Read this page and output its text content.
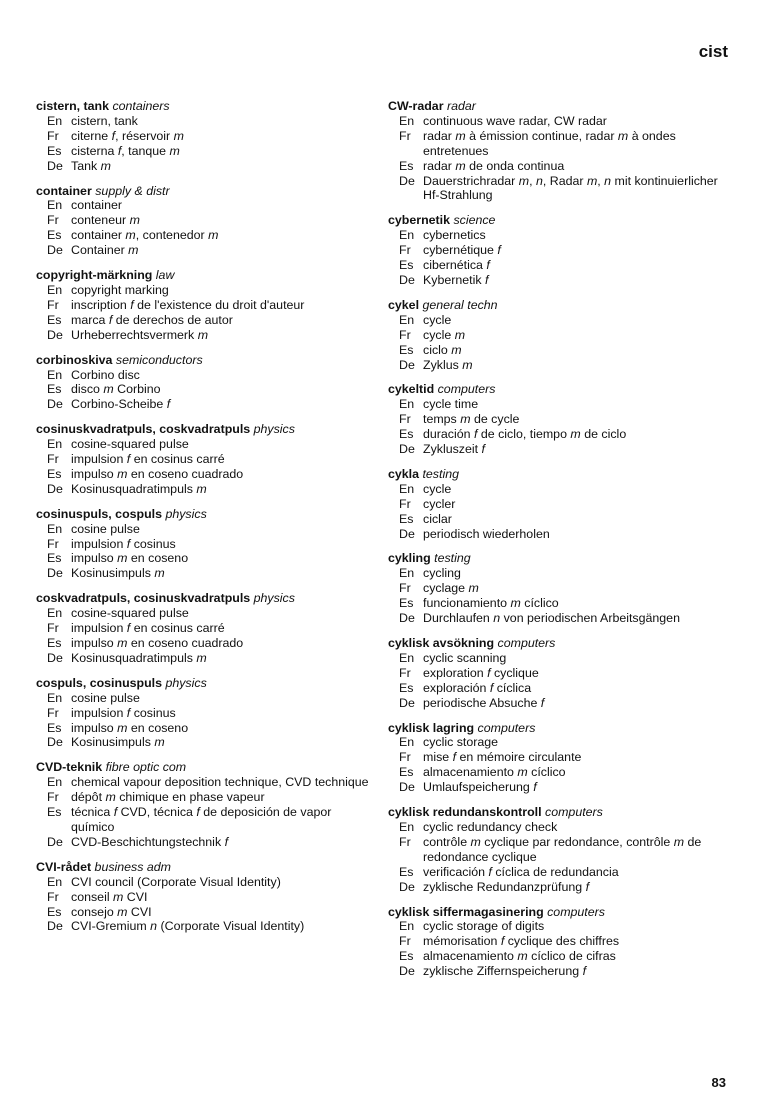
cist
cistern, tank containers
En cistern, tank
Fr citerne f, réservoir m
Es cisterna f, tanque m
De Tank m
container supply & distr
En container
Fr conteneur m
Es container m, contenedor m
De Container m
copyright-märkning law
En copyright marking
Fr inscription f de l'existence du droit d'auteur
Es marca f de derechos de autor
De Urheberrechtsvermerk m
corbinoskiva semiconductors
En Corbino disc
Es disco m Corbino
De Corbino-Scheibe f
cosinuskvadratpuls, coskvadratpuls physics
En cosine-squared pulse
Fr impulsion f en cosinus carré
Es impulso m en coseno cuadrado
De Kosinusquadratimpuls m
cosinuspuls, cospuls physics
En cosine pulse
Fr impulsion f cosinus
Es impulso m en coseno
De Kosinusimpuls m
coskvadratpuls, cosinuskvadratpuls physics
En cosine-squared pulse
Fr impulsion f en cosinus carré
Es impulso m en coseno cuadrado
De Kosinusquadratimpuls m
cospuls, cosinuspuls physics
En cosine pulse
Fr impulsion f cosinus
Es impulso m en coseno
De Kosinusimpuls m
CVD-teknik fibre optic com
En chemical vapour deposition technique, CVD technique
Fr dépôt m chimique en phase vapeur
Es técnica f CVD, técnica f de deposición de vapor químico
De CVD-Beschichtungstechnik f
CVI-rådet business adm
En CVI council (Corporate Visual Identity)
Fr conseil m CVI
Es consejo m CVI
De CVI-Gremium n (Corporate Visual Identity)
CW-radar radar
En continuous wave radar, CW radar
Fr radar m à émission continue, radar m à ondes entretenues
Es radar m de onda continua
De Dauerstrichradar m, n, Radar m, n mit kontinuierlicher Hf-Strahlung
cybernetik science
En cybernetics
Fr cybernétique f
Es cibernética f
De Kybernetik f
cykel general techn
En cycle
Fr cycle m
Es ciclo m
De Zyklus m
cykeltid computers
En cycle time
Fr temps m de cycle
Es duración f de ciclo, tiempo m de ciclo
De Zykluszeit f
cykla testing
En cycle
Fr cycler
Es ciclar
De periodisch wiederholen
cykling testing
En cycling
Fr cyclage m
Es funcionamiento m cíclico
De Durchlaufen n von periodischen Arbeitsgängen
cyklisk avsökning computers
En cyclic scanning
Fr exploration f cyclique
Es exploración f cíclica
De periodische Absuche f
cyklisk lagring computers
En cyclic storage
Fr mise f en mémoire circulante
Es almacenamiento m cíclico
De Umlaufspeicherung f
cyklisk redundanskontroll computers
En cyclic redundancy check
Fr contrôle m cyclique par redondance, contrôle m de redondance cyclique
Es verificación f cíclica de redundancia
De zyklische Redundanzprüfung f
cyklisk siffermagasinering computers
En cyclic storage of digits
Fr mémorisation f cyclique des chiffres
Es almacenamiento m cíclico de cifras
De zyklische Ziffernspeicherung f
83
